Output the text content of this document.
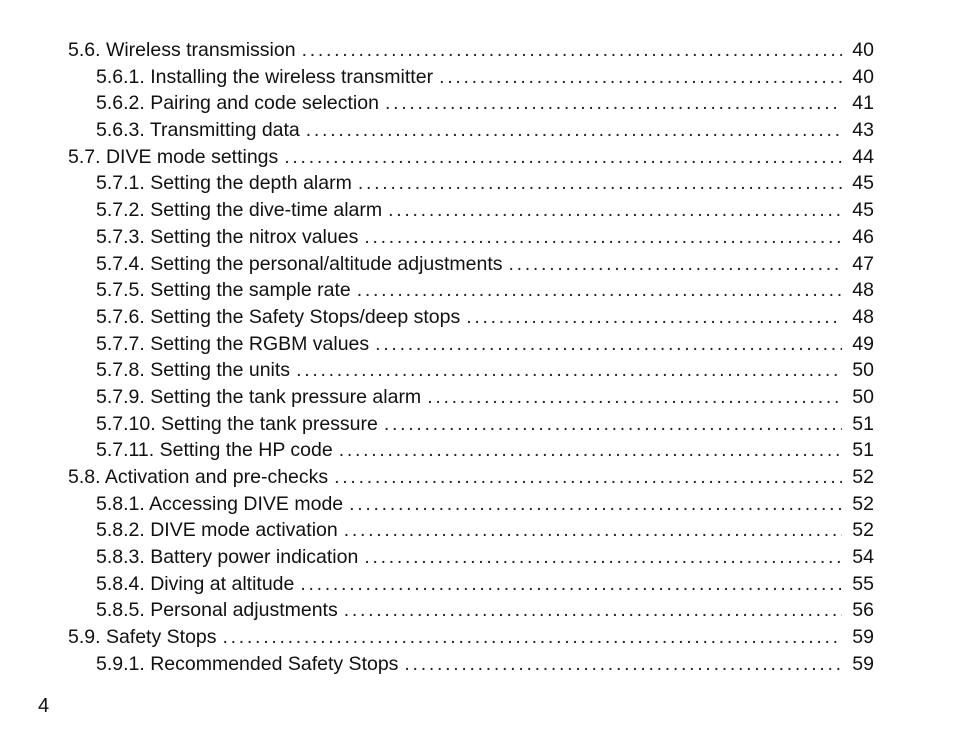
5.6. Wireless transmission . . .	40
5.6.1. Installing the wireless transmitter . . .	40
5.6.2. Pairing and code selection . . .	41
5.6.3. Transmitting data . . .	43
5.7. DIVE mode settings . . .	44
5.7.1. Setting the depth alarm . . .	45
5.7.2. Setting the dive-time alarm . . .	45
5.7.3. Setting the nitrox values . . .	46
5.7.4. Setting the personal/altitude adjustments . . .	47
5.7.5. Setting the sample rate . . .	48
5.7.6. Setting the Safety Stops/deep stops . . .	48
5.7.7. Setting the RGBM values . . .	49
5.7.8. Setting the units . . .	50
5.7.9. Setting the tank pressure alarm . . .	50
5.7.10. Setting the tank pressure . . .	51
5.7.11. Setting the HP code . . .	51
5.8. Activation and pre-checks . . .	52
5.8.1. Accessing DIVE mode . . .	52
5.8.2. DIVE mode activation . . .	52
5.8.3. Battery power indication . . .	54
5.8.4. Diving at altitude . . .	55
5.8.5. Personal adjustments . . .	56
5.9. Safety Stops . . .	59
5.9.1. Recommended Safety Stops . . .	59
4
